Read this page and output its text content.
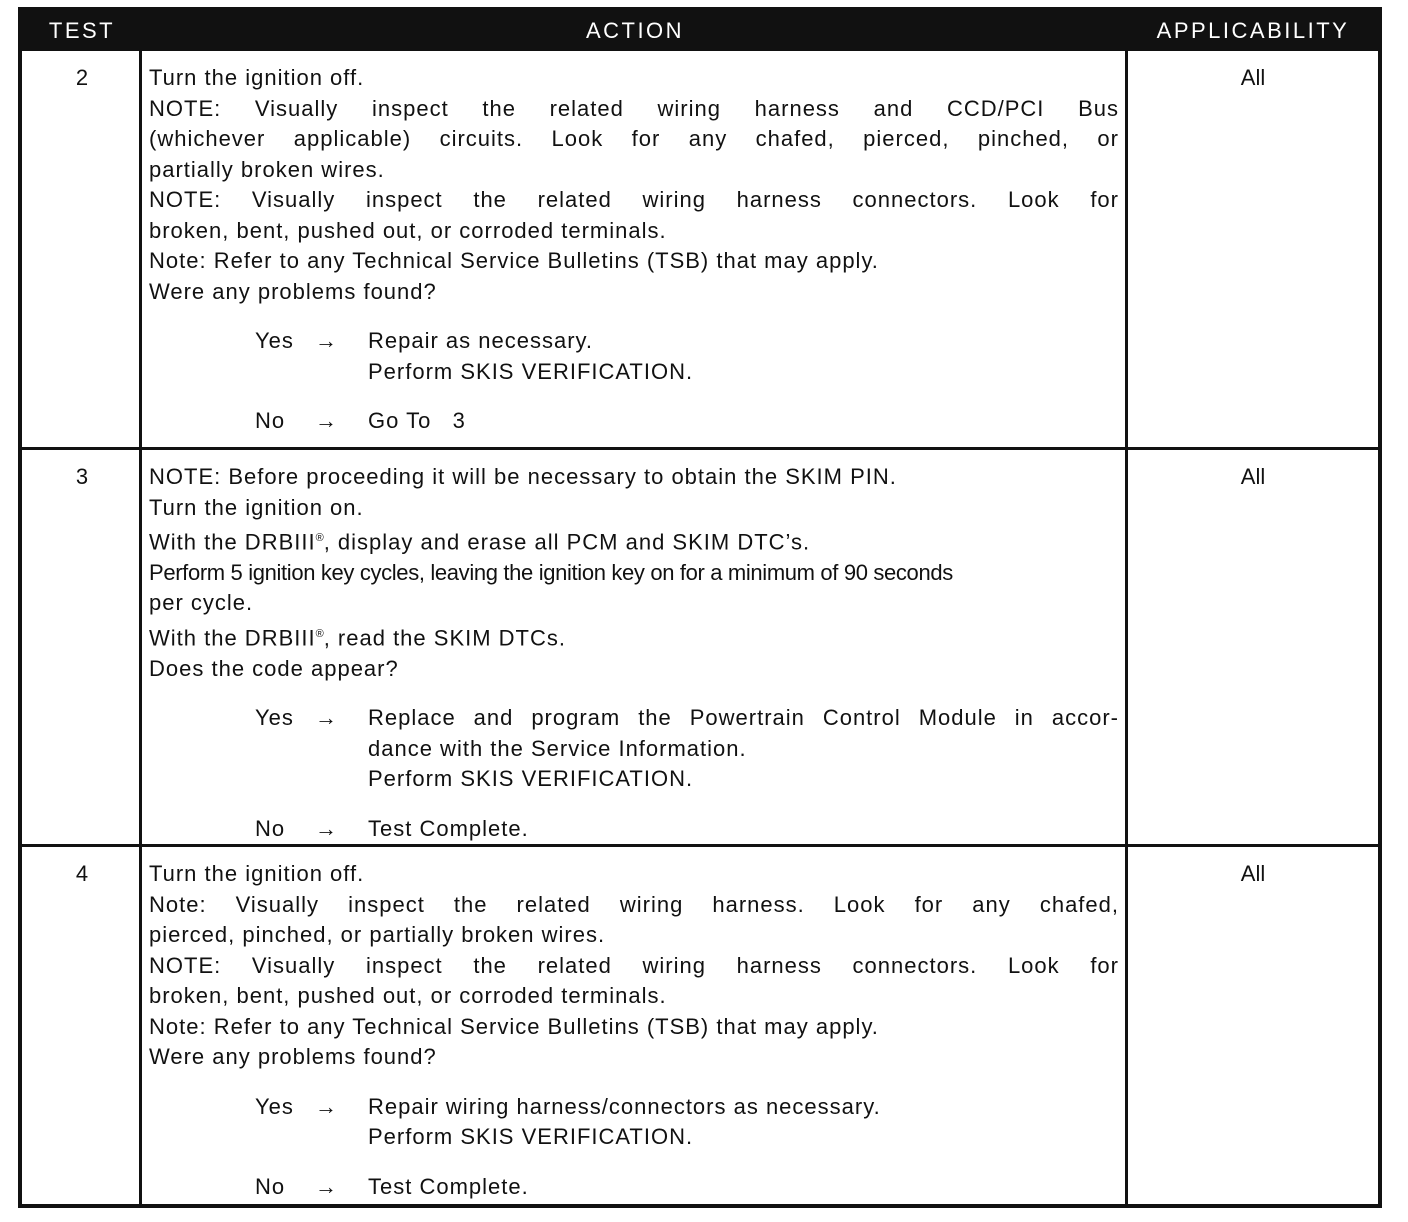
TEST	ACTION	APPLICABILITY
2	Turn the ignition off.
NOTE: Visually inspect the related wiring harness and CCD/PCI Bus
(whichever applicable) circuits. Look for any chafed, pierced, pinched, or
partially broken wires.
NOTE: Visually inspect the related wiring harness connectors. Look for
broken, bent, pushed out, or corroded terminals.
Note: Refer to any Technical Service Bulletins (TSB) that may apply.
Were any problems found?
Yes → Repair as necessary.
Perform SKIS VERIFICATION.
No → Go To   3
All
3	NOTE: Before proceeding it will be necessary to obtain the SKIM PIN.
Turn the ignition on.
With the DRBIII®, display and erase all PCM and SKIM DTC’s.
Perform 5 ignition key cycles, leaving the ignition key on for a minimum of 90 seconds
per cycle.
With the DRBIII®, read the SKIM DTCs.
Does the code appear?
Yes → Replace and program the Powertrain Control Module in accor-
dance with the Service Information.
Perform SKIS VERIFICATION.
No → Test Complete.
All
4	Turn the ignition off.
Note: Visually inspect the related wiring harness. Look for any chafed,
pierced, pinched, or partially broken wires.
NOTE: Visually inspect the related wiring harness connectors. Look for
broken, bent, pushed out, or corroded terminals.
Note: Refer to any Technical Service Bulletins (TSB) that may apply.
Were any problems found?
Yes → Repair wiring harness/connectors as necessary.
Perform SKIS VERIFICATION.
No → Test Complete.
All
